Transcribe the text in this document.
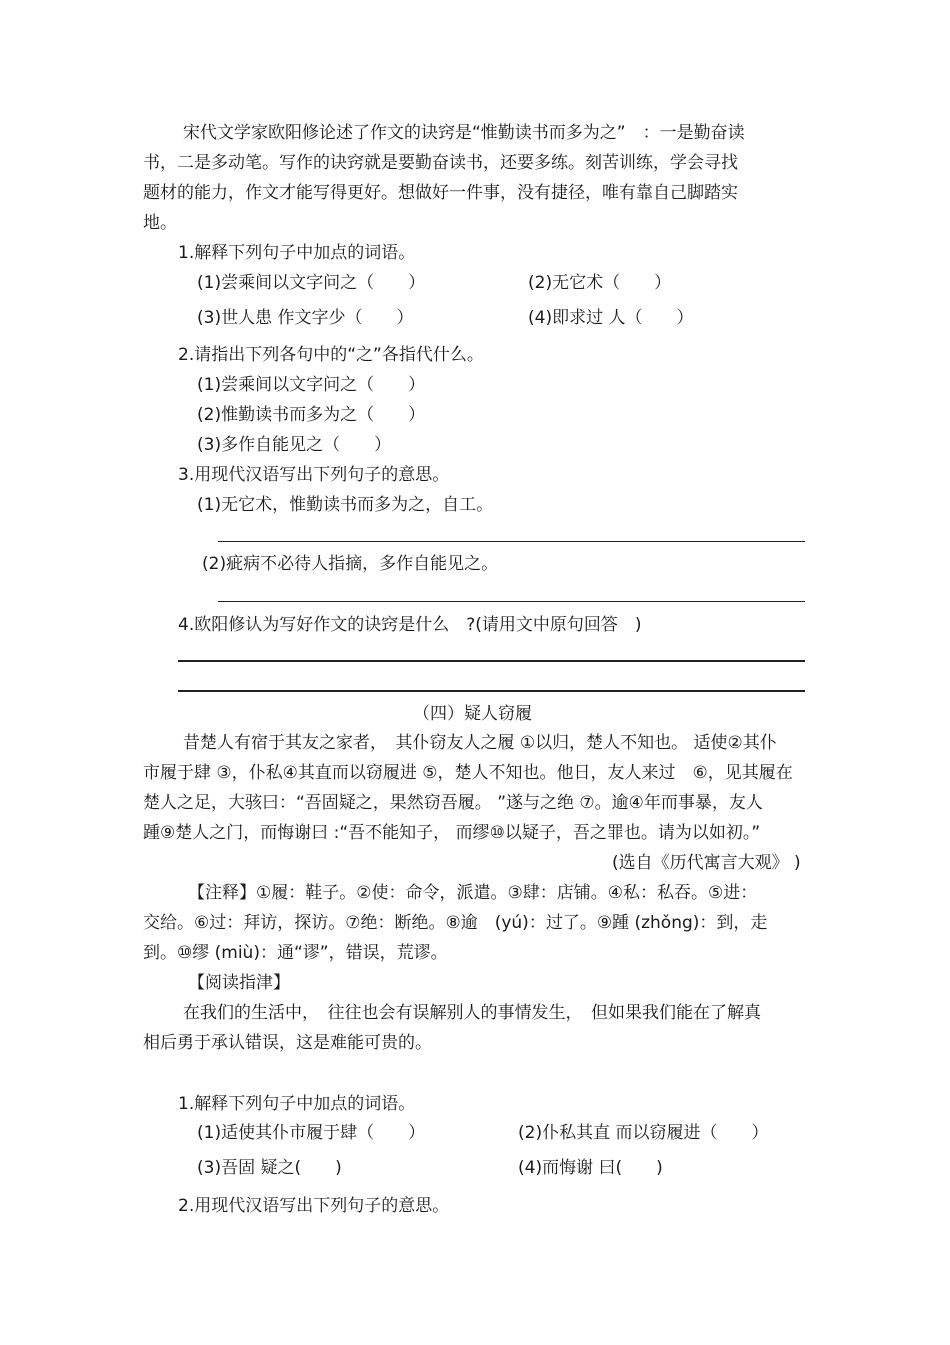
宋代文学家欧阳修论述了作文的诀窍是“惟勤读书而多为之”　：一是勤奋读
书，二是多动笔。写作的诀窍就是要勤奋读书，还要多练。刻苦训练，学会寻找
题材的能力，作文才能写得更好。想做好一件事，没有捷径，唯有靠自己脚踏实
地。
1.解释下列句子中加点的词语。
(1)尝乘间以文字问之（　　）	(2)无它术（　　）
(3)世人患 作文字少（　　）	(4)即求过 人（　　）
2.请指出下列各句中的“之”各指代什么。
(1)尝乘间以文字问之（　　）
(2)惟勤读书而多为之（　　）
(3)多作自能见之（　　）
3.用现代汉语写出下列句子的意思。
(1)无它术，惟勤读书而多为之，自工。
(2)疵病不必待人指摘，多作自能见之。
4.欧阳修认为写好作文的诀窍是什么　?(请用文中原句回答　)
（四）疑人窃履
昔楚人有宿于其友之家者，　其仆窃友人之履 ①以归，楚人不知也。 适使②其仆
市履于肆 ③，仆私④其直而以窃履进 ⑤，楚人不知也。他日，友人来过　⑥，见其履在
楚人之足，大骇曰：“吾固疑之，果然窃吾履。 ”遂与之绝 ⑦。逾④年而事暴，友人
踵⑨楚人之门，而悔谢曰 :“吾不能知子， 而缪⑩以疑子，吾之罪也。请为以如初。”
(选自《历代寓言大观》 )
【注释】①履：鞋子。②使：命令，派遣。③肆：店铺。④私：私吞。⑤进：
交给。⑥过：拜访，探访。⑦绝：断绝。⑧逾　(yú)：过了。⑨踵 (zhǒng)：到，走
到。⑩缪 (miù)：通“谬”，错误，荒谬。
【阅读指津】
在我们的生活中，　往往也会有误解别人的事情发生，　但如果我们能在了解真
相后勇于承认错误，这是难能可贵的。
1.解释下列句子中加点的词语。
(1)适使其仆市履于肆（　　）	(2)仆私其直 而以窃履进（　　）
(3)吾固 疑之(　　)	(4)而悔谢 曰(　　)
2.用现代汉语写出下列句子的意思。
